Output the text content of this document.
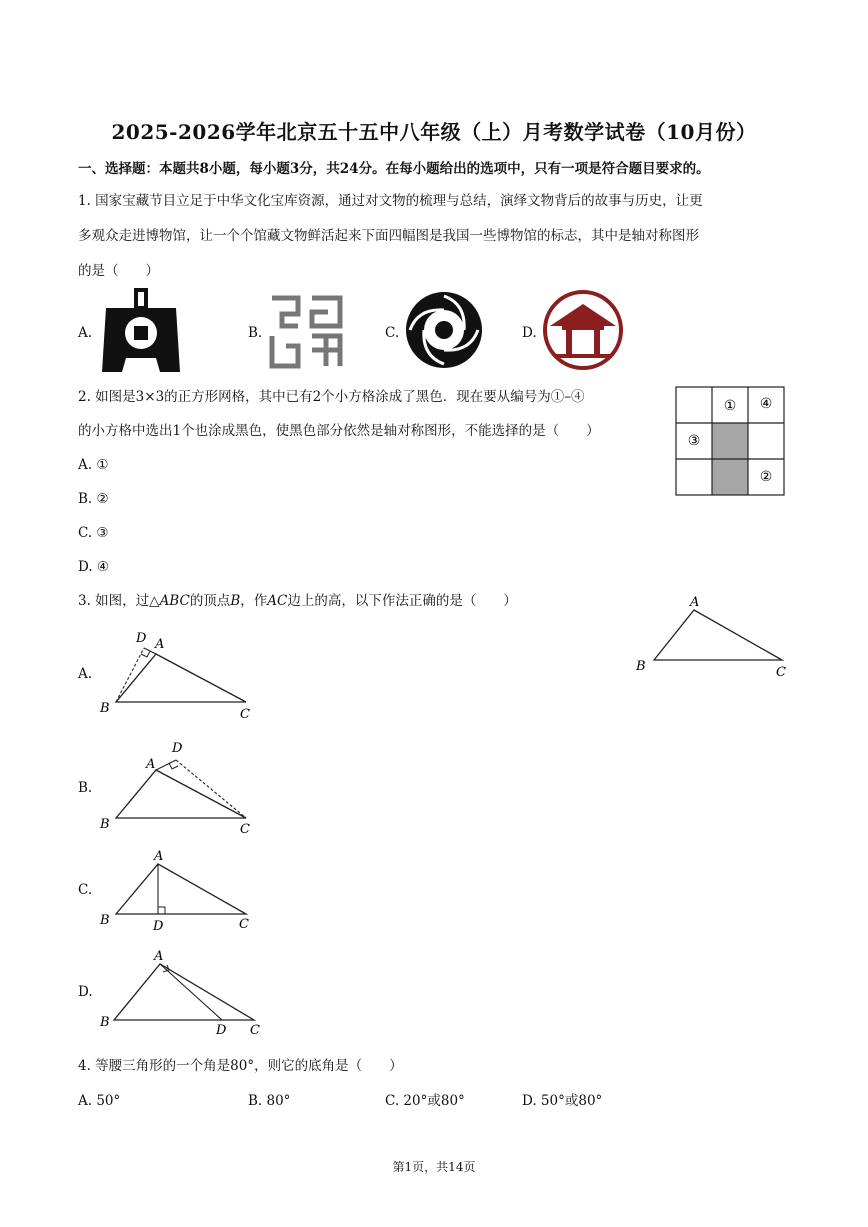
2025-2026学年北京五十五中八年级（上）月考数学试卷（10月份）
一、选择题：本题共8小题，每小题3分，共24分。在每小题给出的选项中，只有一项是符合题目要求的。
1. 国家宝藏节目立足于中华文化宝库资源，通过对文物的梳理与总结，演绎文物背后的故事与历史，让更
多观众走进博物馆，让一个个馆藏文物鲜活起来下面四幅图是我国一些博物馆的标志，其中是轴对称图形
的是（　　）
A.	B.	C.	D.
2. 如图是3×3的正方形网格，其中已有2个小方格涂成了黑色．现在要从编号为①–④
的小方格中选出1个也涂成黑色，使黑色部分依然是轴对称图形，不能选择的是（　　）
A. ①
B. ②
C. ③
D. ④
① ④
③
②
3. 如图，过△ABC的顶点B，作AC边上的高，以下作法正确的是（　　）	A
B	C
A.
D A
B	C
B.
D
A
B	C
C.
A
B	D	C
D.
A
B
D C
4. 等腰三角形的一个角是80°，则它的底角是（　　）
A. 50°	B. 80°	C. 20°或80°	D. 50°或80°
第1页，共14页
